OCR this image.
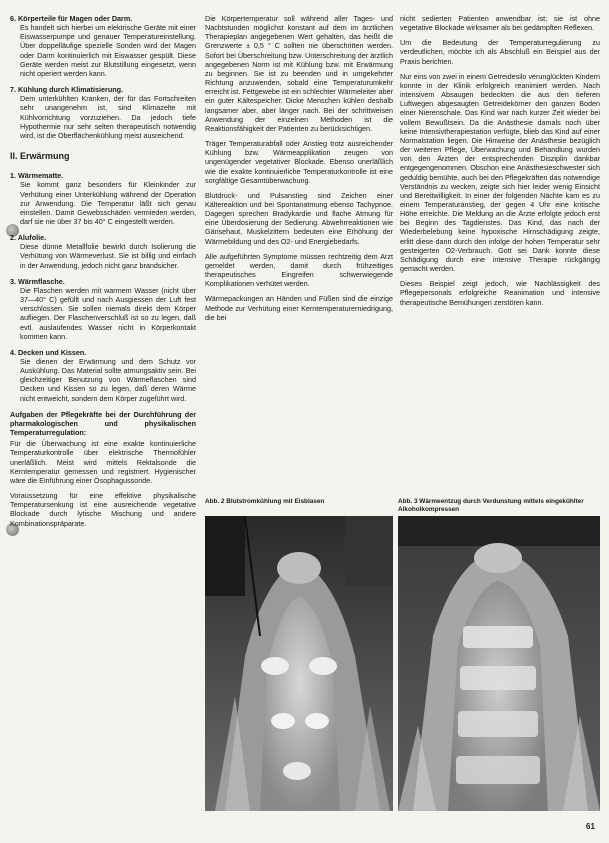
6. Körperteile für Magen oder Darm.
Es handelt sich hierbei um elektrische Geräte mit einer Eiswasserpumpe und genauer Temperatureinstellung. Über doppelläufige spezielle Sonden wird der Magen oder Darm kontinuierlich mit Eiswasser gespült. Diese Geräte werden meist zur Blutstillung eingesetzt, wenn nicht operiert werden kann.
7. Kühlung durch Klimatisierung.
Dem unterkühlten Kranken, der für das Fortschreiten sehr unangenehm ist, sind Klimazelte mit Kühlvorrichtung vorzuziehen. Da jedoch tiefe Hypothermie nur sehr selten therapeutisch notwendig wird, ist die Oberflächenkühlung meist ausreichend.
II. Erwärmung
1. Wärmematte.
Sie kommt ganz besonders für Kleinkinder zur Verhütung einer Unterkühlung während der Operation zur Anwendung. Die Temperatur läßt sich genau einstellen. Damit Gewebsschäden vermieden werden, darf sie nie über 37 bis 40° C eingestellt werden.
2. Alufolie.
Diese dünne Metallfolie bewirkt durch Isolierung die Verhütung von Wärmeverlust. Sie ist billig und einfach in der Anwendung, jedoch nicht ganz brandsicher.
3. Wärmflasche.
Die Flaschen werden mit warmem Wasser (nicht über 37—40° C) gefüllt und nach Ausgiessen der Luft fest verschlossen. Sie sollen niemals direkt dem Körper aufliegen. Der Flaschenverschluß ist so zu legen, daß evtl. auslaufendes Wasser nicht in Körperkontakt kommen kann.
4. Decken und Kissen.
Sie dienen der Erwärmung und dem Schutz vor Auskühlung. Das Material sollte atmungsaktiv sein. Bei gleichzeitiger Benutzung von Wärmeflaschen sind Decken und Kissen so zu legen, daß deren Wärme nicht entweicht, sondern dem Körper zugeführt wird.
Aufgaben der Pflegekräfte bei der Durchführung der pharmakologischen und physikalischen Temperaturregulation:

Für die Überwachung ist eine exakte kontinuierliche Temperaturkontrolle über elektrische Thermofühler unerläßlich. Meist wird mittels Rektalsonde die Kerntemperatur gemessen und registriert. Hygienischer wäre die Einführung einer Ösophagussonde.

Voraussetzung für eine effektive physikalische Temperatursenkung ist eine ausreichende vegetative Blockade durch lytische Mischung und andere Kombinationspräparate.

Die Körpertemperatur soll während aller Tages- und Nachtstunden möglichst konstant auf dem im ärztlichen Therapieplan angegebenen Wert gehalten, das heißt die Grenzwerte ± 0,5 ° C sollten nie überschritten werden. Sofort bei Überschreitung bzw. Unterschreitung der ärztlich angegebenen Norm ist mit Kühlung bzw. mit Erwärmung zu beginnen. Sie ist zu beenden und in umgekehrter Richtung anzuwenden, sobald eine Temperaturumkehr erreicht ist. Fettgewebe ist ein schlechter Wärmeleiter aber ein guter Kältespeicher. Dicke Menschen kühlen deshalb langsamer aber, aber länger nach. Bei der schrittweisen Anwendung der einzelnen Methoden ist die Reaktionsfähigkeit der Patienten zu berücksichtigen.

Träger Temperaturabfall oder Anstieg trotz ausreichender Kühlung bzw. Wärmeapplikation zeugen von ungenügender vegetativer Blockade. Ebenso unerläßlich wie die exakte kontinuierliche Temperaturkontrolle ist eine sorgfältige Gesamtüberwachung.

Blutdruck- und Pulsanstieg sind Zeichen einer Kältereaktion und bei Spontanatmung ebenso Tachypnoe. Dagegen sprechen Bradykardie und flache Atmung für eine Überdosierung der Sedierung. Abwehrreaktionen wie Gänsehaut, Muskelzittern bedeuten eine Erhöhung der Wärmebildung und des O2- und Energiebedarfs.

Alle aufgeführten Symptome müssen rechtzeitig dem Arzt gemeldet werden, damit durch frühzeitiges therapeutisches Eingreifen schwerwiegende Komplikationen verhütet werden.

Wärmepackungen an Händen und Füßen sind die einzige Methode zur Verhütung einer Kerntemperaturerniedrigung, die bei

nicht sedierten Patienten anwendbar ist; sie ist ohne vegetative Blockade wirksamer als bei gedämpften Reflexen.

Um die Bedeutung der Temperaturregulierung zu verdeutlichen, möchte ich als Abschluß ein Beispiel aus der Praxis berichten.

Nur eins von zwei in einem Getreidesilo verunglückten Kindern konnte in der Klinik erfolgreich reanimiert werden. Nach intensivem Absaugen bedeckten die aus den tieferen Luftwegen abgesaugten Getreidekörner den ganzen Boden einer Nierenschale. Das Kind war nach kurzer Zeit wieder bei vollem Bewußtsein. Da die Anästhesie damals noch über keine Intensivtherapiestation verfügte, blieb das Kind auf einer Normalstation liegen. Die Hinweise der Anästhesie bezüglich der weiteren Pflege, Überwachung und Behandlung wurden von den Ärzten der entsprechenden Disziplin dankbar entgegengenommen. Obschon eine Anästhesieschwester sich geduldig bemühte, auch bei den Pflegekräften das notwendige Verständnis zu wecken, zeigte sich hier leider wenig Einsicht und Bereitwilligkeit. In einer der folgenden Nächte kam es zu einem Temperaturanstieg, der gegen 4 Uhr eine kritische Höhe erreichte. Die Meldung an die Ärzte erfolgte jedoch erst bei Beginn des Tagdienstes. Das Kind, das nach der Wiederbelebung keine hypoxische Hirnschädigung zeigte, erlitt diese dann durch den infolge der hohen Temperatur sehr gesteigerten O2-Verbrauch. Gott sei Dank konnte diese Schädigung durch eine intensive Therapie rückgängig gemacht werden.

Dieses Beispiel zeigt jedoch, wie Nachlässigkeit des Pflegepersonals erfolgreiche Reanimation und intensive therapeutische Bemühungen zerstören kann.

Abb. 2 Blutstromkühlung mit Eisblasen	Abb. 3 Wärmeentzug durch Verdunstung mittels eingekühlter Alkoholkompressen
61
